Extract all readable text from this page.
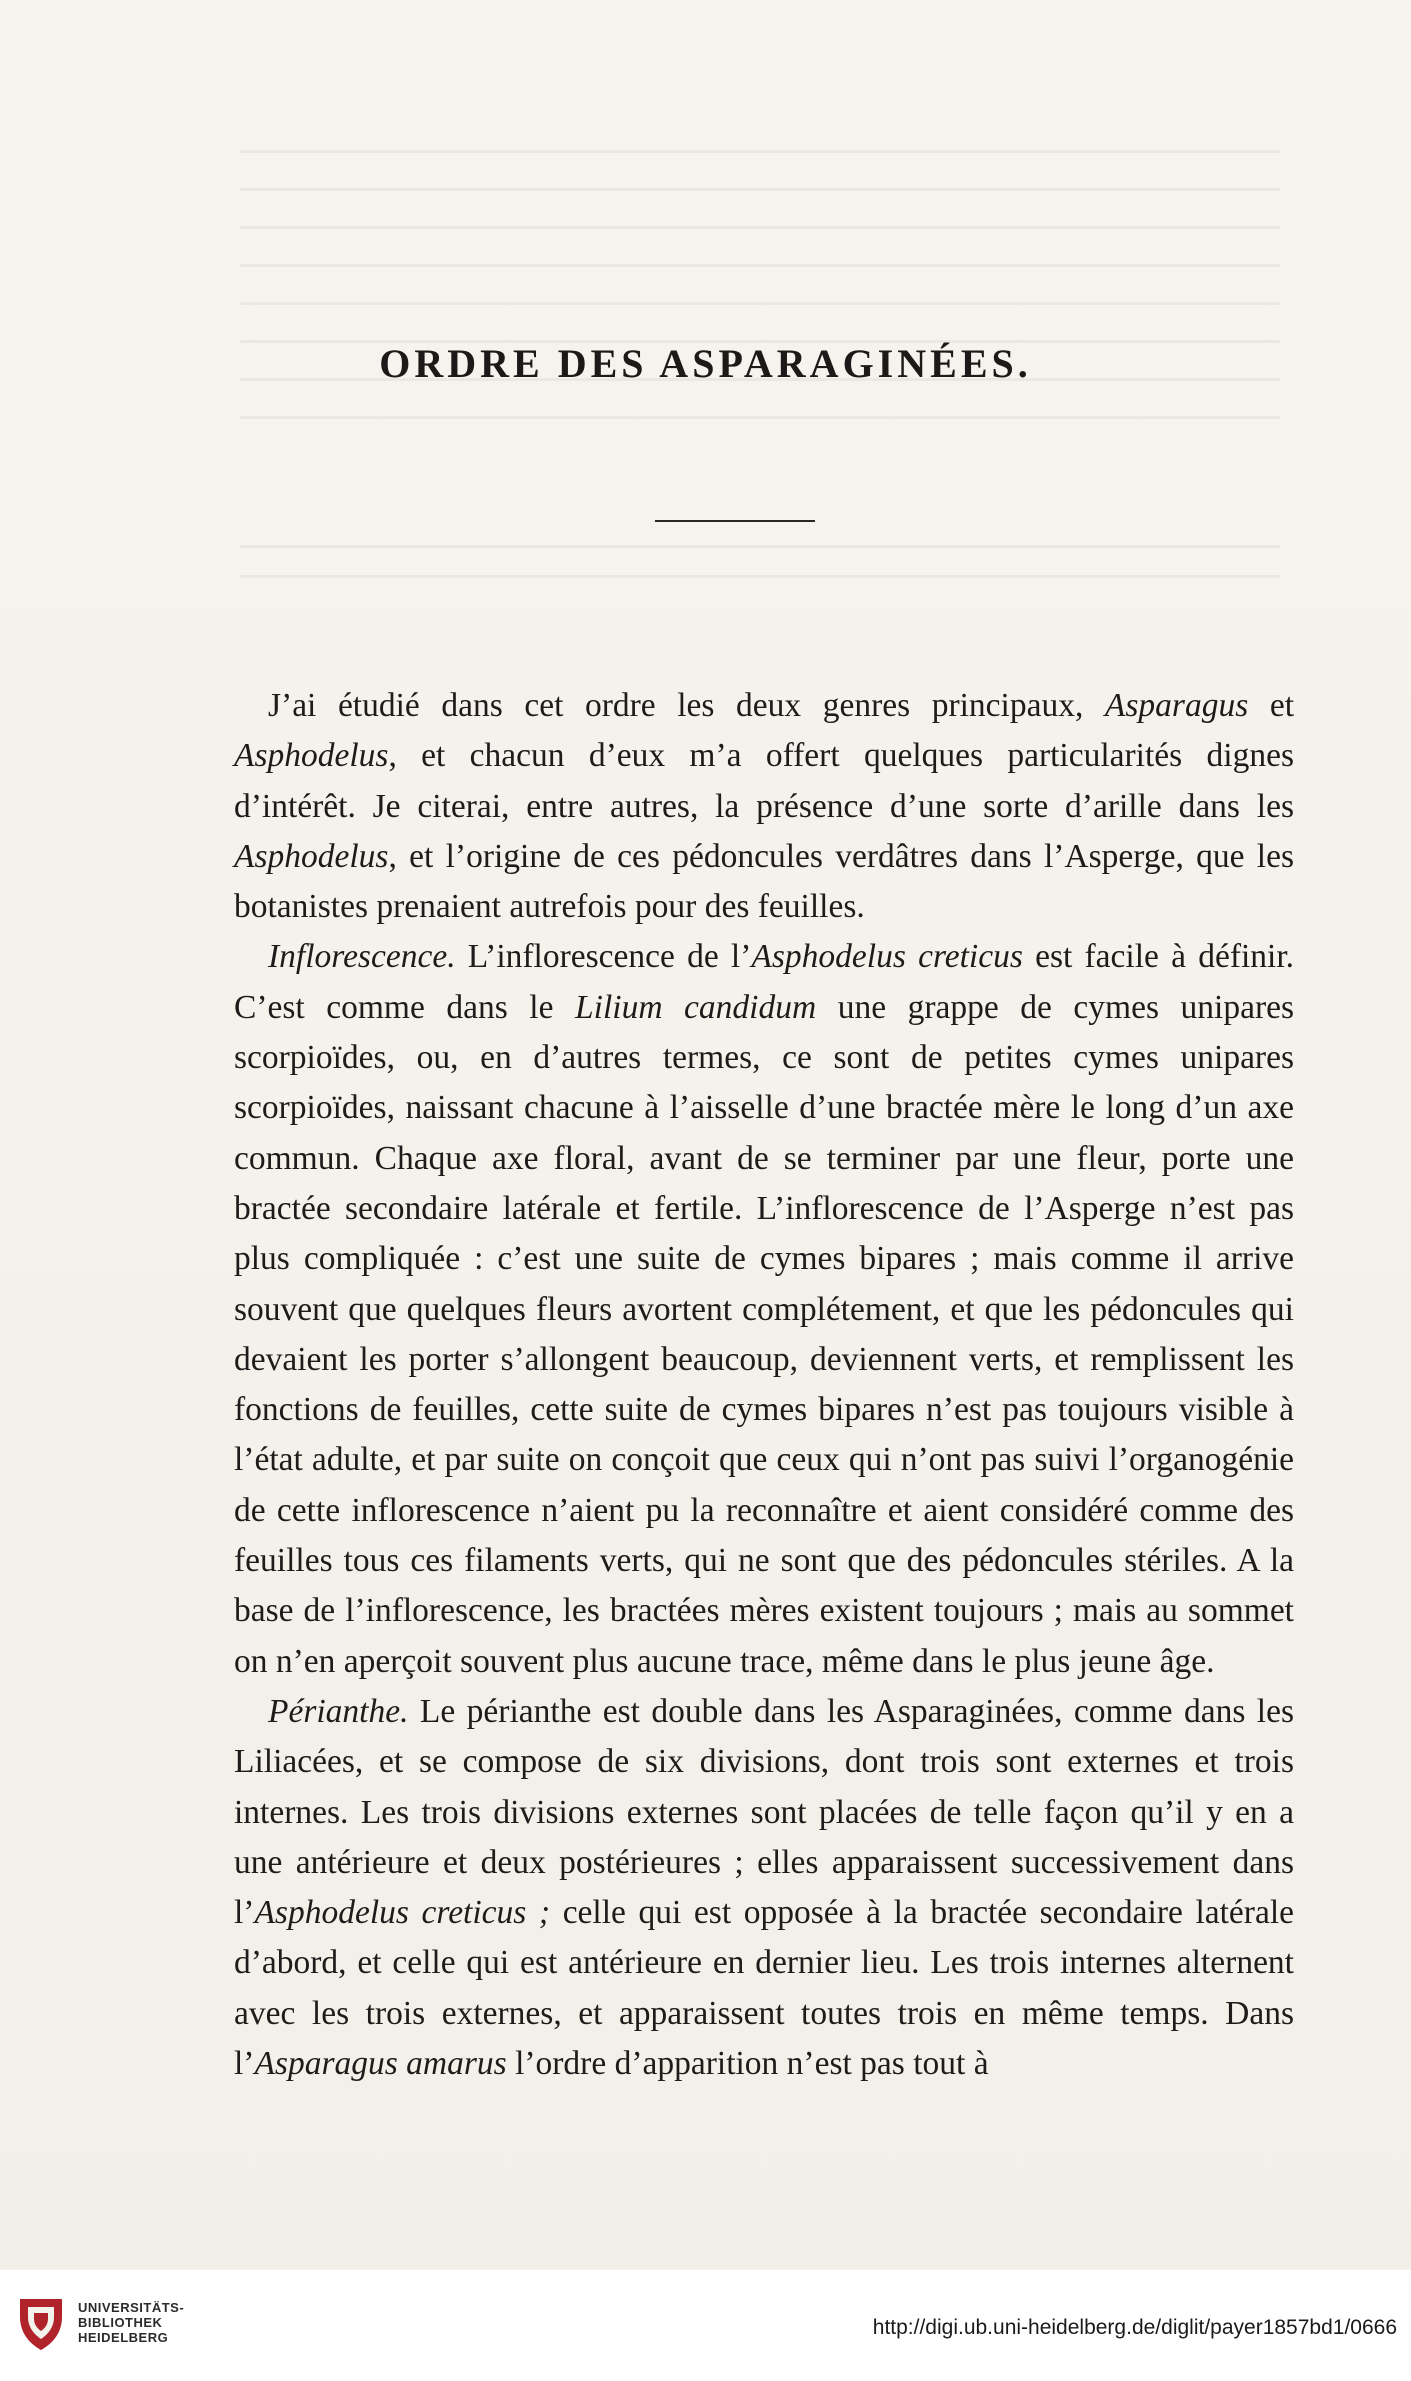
ORDRE DES ASPARAGINÉES.

J’ai étudié dans cet ordre les deux genres principaux, Asparagus et Asphodelus, et chacun d’eux m’a offert quelques particularités dignes d’intérêt. Je citerai, entre autres, la présence d’une sorte d’arille dans les Asphodelus, et l’origine de ces pédoncules verdâtres dans l’Asperge, que les botanistes prenaient autrefois pour des feuilles.

Inflorescence. L’inflorescence de l’Asphodelus creticus est facile à définir. C’est comme dans le Lilium candidum une grappe de cymes unipares scorpioïdes, ou, en d’autres termes, ce sont de petites cymes unipares scorpioïdes, naissant chacune à l’aisselle d’une bractée mère le long d’un axe commun. Chaque axe floral, avant de se terminer par une fleur, porte une bractée secondaire latérale et fertile. L’inflorescence de l’Asperge n’est pas plus compliquée : c’est une suite de cymes bipares ; mais comme il arrive souvent que quelques fleurs avortent complétement, et que les pédoncules qui devaient les porter s’allongent beaucoup, deviennent verts, et remplissent les fonctions de feuilles, cette suite de cymes bipares n’est pas toujours visible à l’état adulte, et par suite on conçoit que ceux qui n’ont pas suivi l’organogénie de cette inflorescence n’aient pu la reconnaître et aient considéré comme des feuilles tous ces filaments verts, qui ne sont que des pédoncules stériles. A la base de l’inflorescence, les bractées mères existent toujours ; mais au sommet on n’en aperçoit souvent plus aucune trace, même dans le plus jeune âge.

Périanthe. Le périanthe est double dans les Asparaginées, comme dans les Liliacées, et se compose de six divisions, dont trois sont externes et trois internes. Les trois divisions externes sont placées de telle façon qu’il y en a une antérieure et deux postérieures ; elles apparaissent successivement dans l’Asphodelus creticus ; celle qui est opposée à la bractée secondaire latérale d’abord, et celle qui est antérieure en dernier lieu. Les trois internes alternent avec les trois externes, et apparaissent toutes trois en même temps. Dans l’Asparagus amarus l’ordre d’apparition n’est pas tout à

UNIVERSITÄTS-
BIBLIOTHEK
HEIDELBERG	http://digi.ub.uni-heidelberg.de/diglit/payer1857bd1/0666
